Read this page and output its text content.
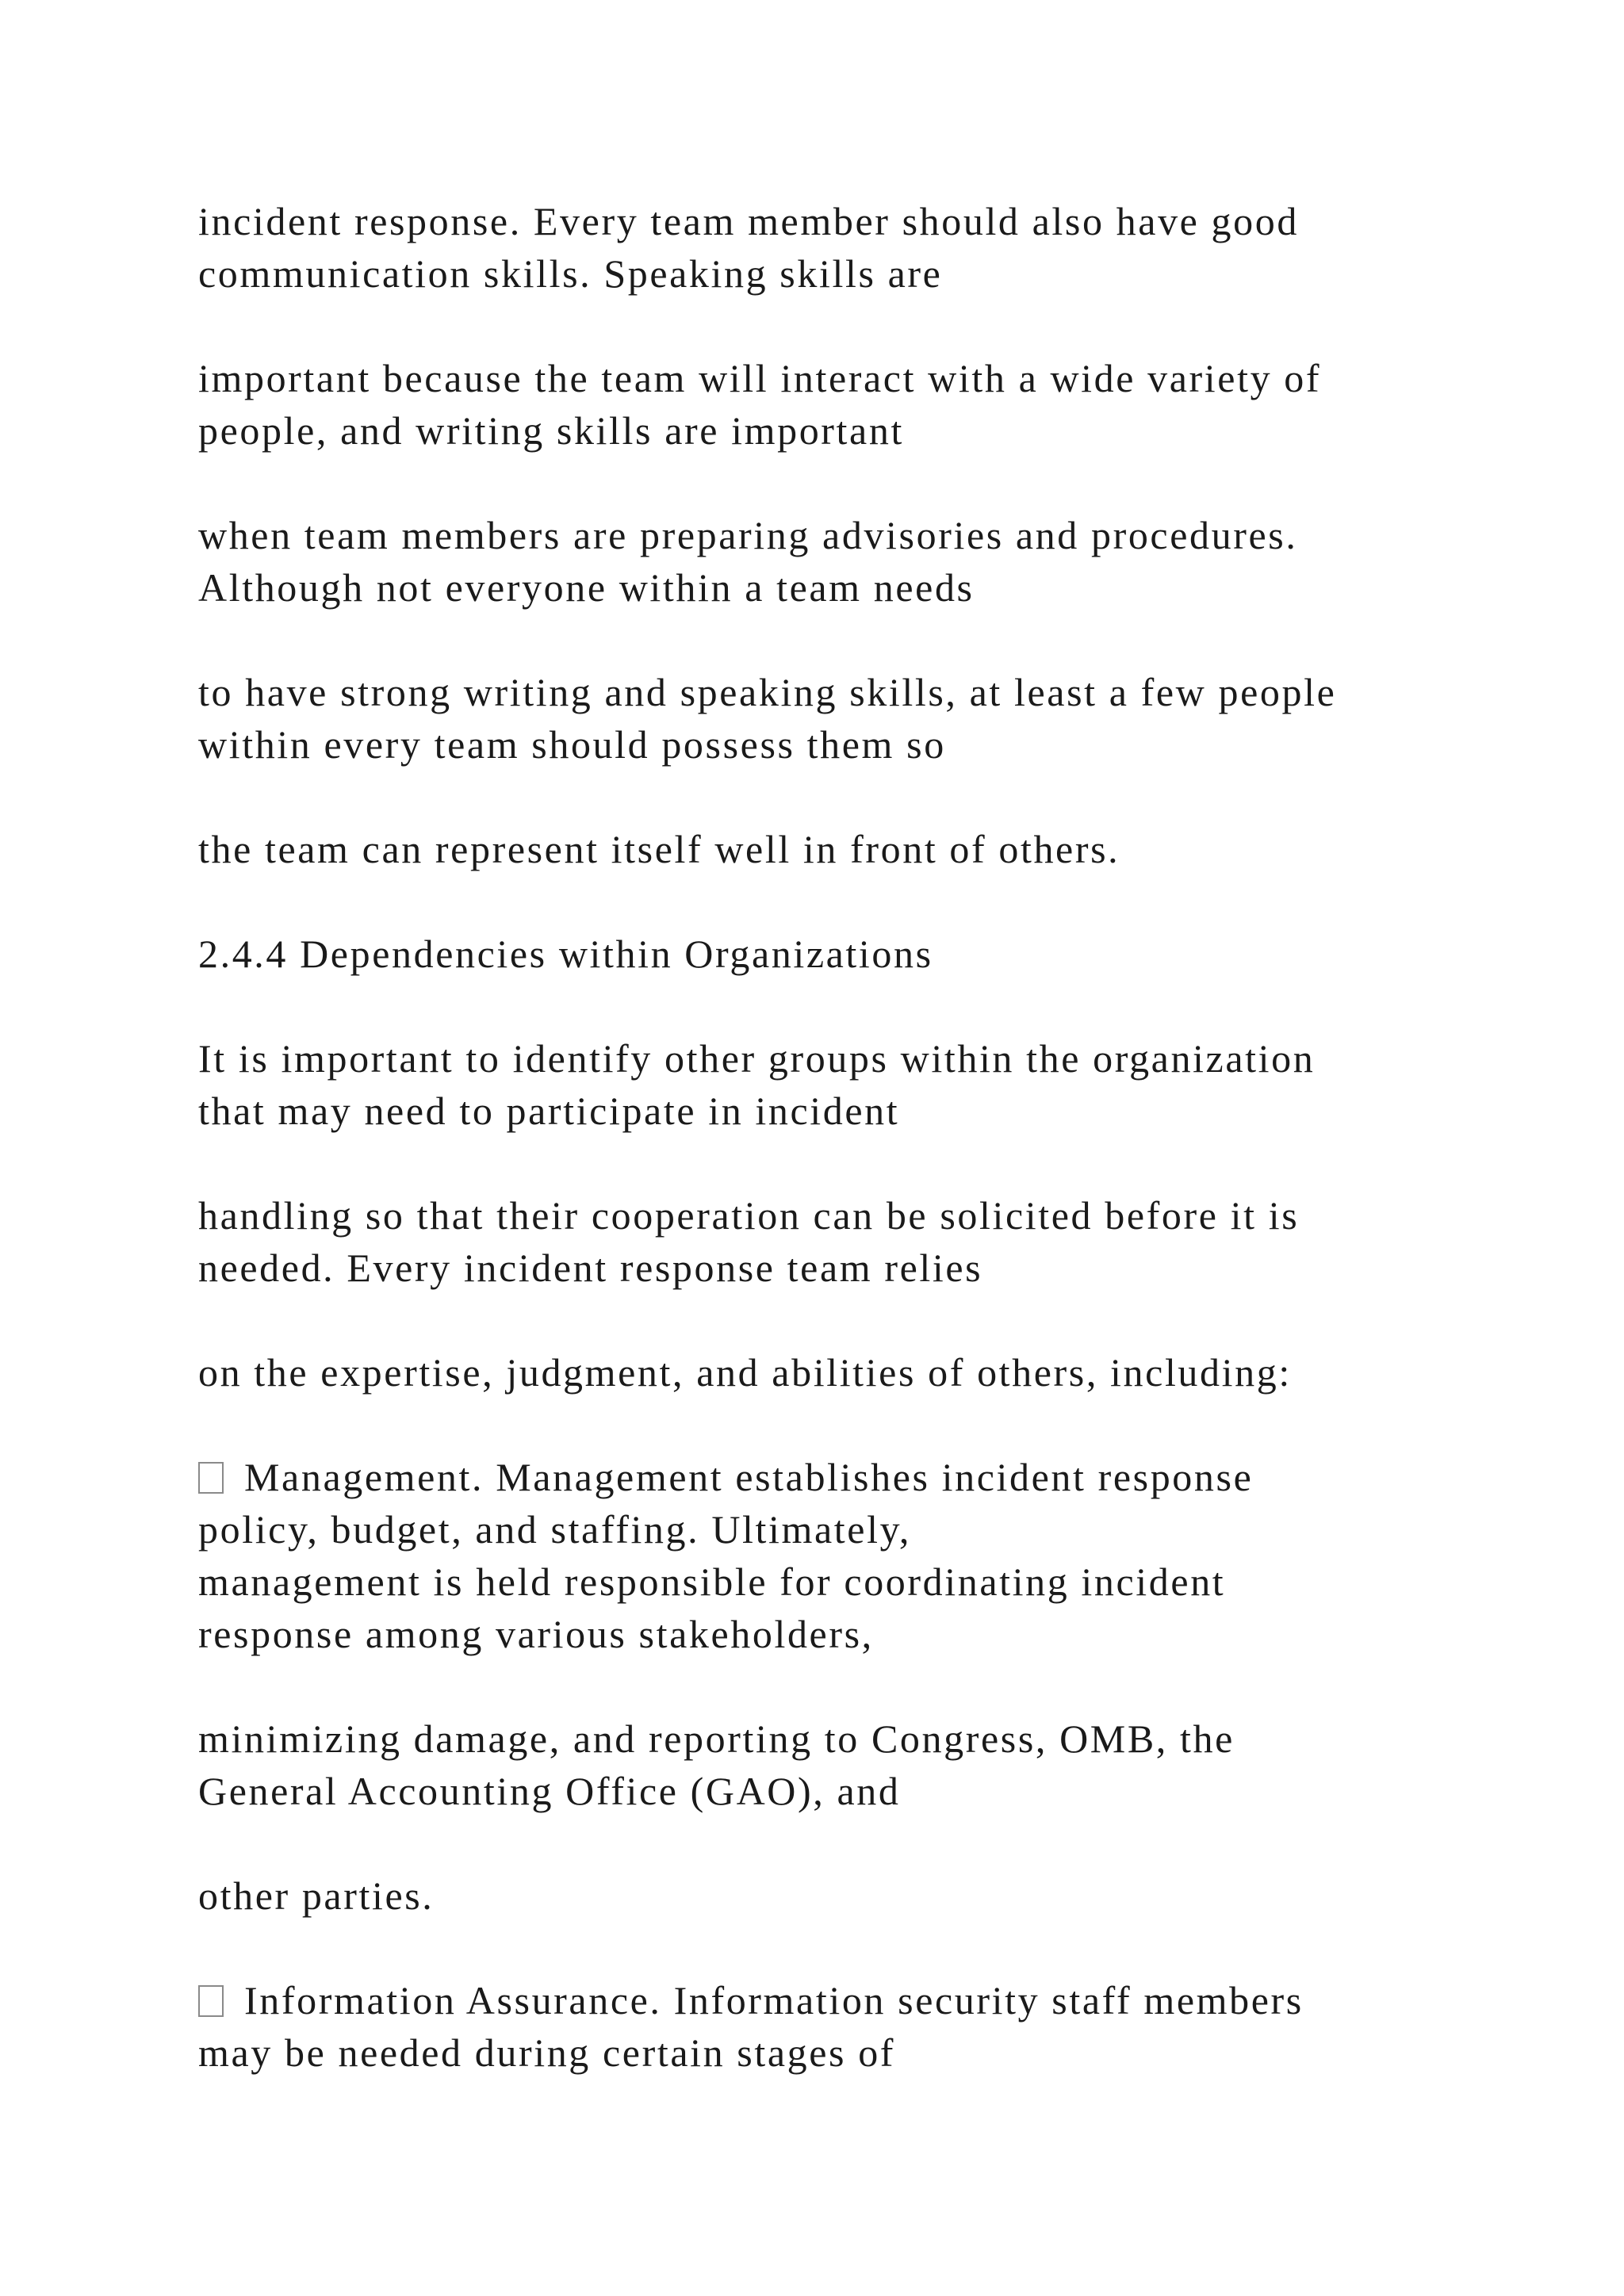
incident response. Every team member should also have good
communication skills. Speaking skills are

important because the team will interact with a wide variety of
people, and writing skills are important

when team members are preparing advisories and procedures.
Although not everyone within a team needs

to have strong writing and speaking skills, at least a few people
within every team should possess them so

the team can represent itself well in front of others.

2.4.4 Dependencies within Organizations

It is important to identify other groups within the organization
that may need to participate in incident

handling so that their cooperation can be solicited before it is
needed. Every incident response team relies

on the expertise, judgment, and abilities of others, including:

Management. Management establishes incident response
policy, budget, and staffing. Ultimately,

management is held responsible for coordinating incident
response among various stakeholders,

minimizing damage, and reporting to Congress, OMB, the
General Accounting Office (GAO), and

other parties.

Information Assurance. Information security staff members
may be needed during certain stages of
